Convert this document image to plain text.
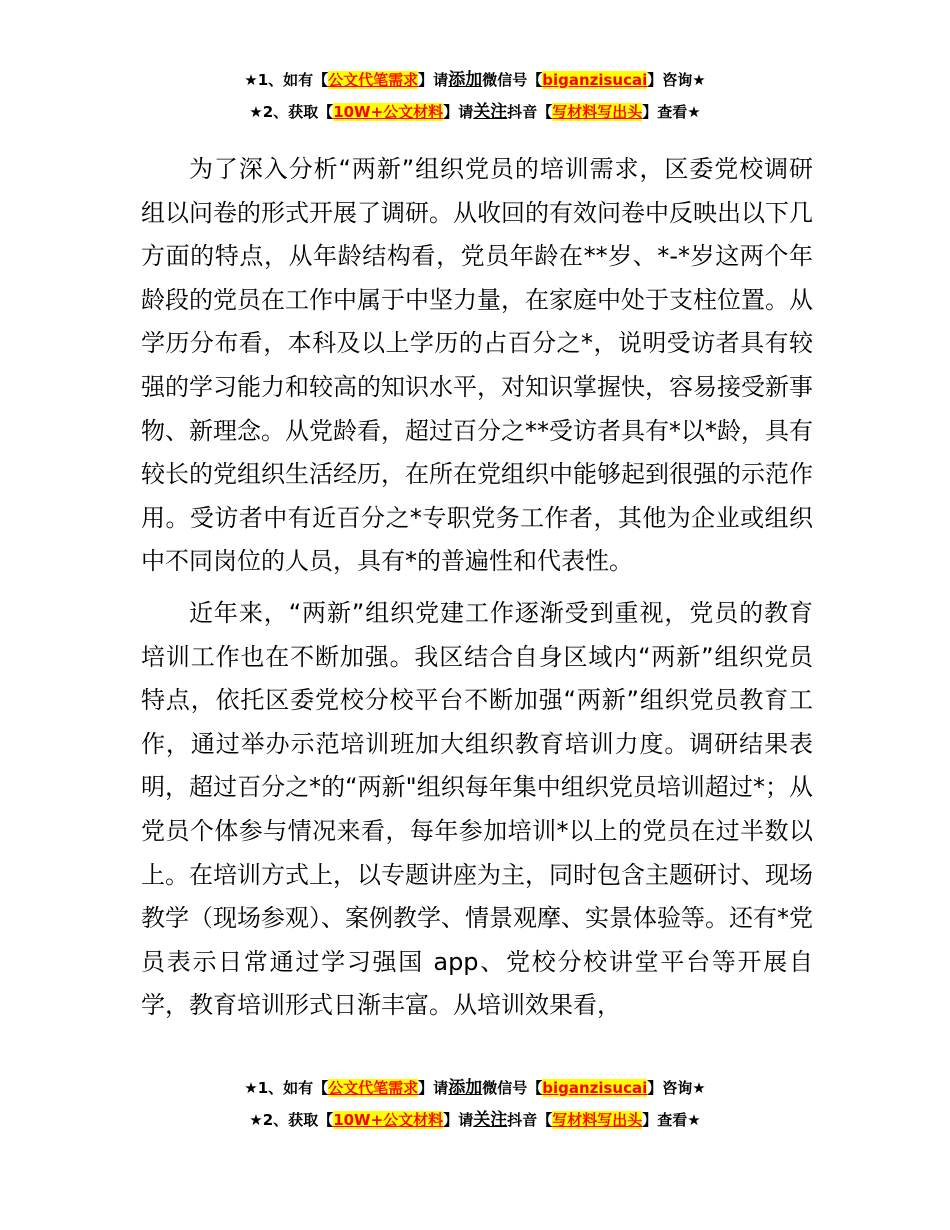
★1、如有【公文代笔需求】请添加微信号【biganzisucai】咨询★
★2、获取【10W+公文材料】请关注抖音【写材料写出头】查看★

为了深入分析“两新”组织党员的培训需求，区委党校调研组以问卷的形式开展了调研。从收回的有效问卷中反映出以下几方面的特点，从年龄结构看，党员年龄在**岁、*-*岁这两个年龄段的党员在工作中属于中坚力量，在家庭中处于支柱位置。从学历分布看，本科及以上学历的占百分之*，说明受访者具有较强的学习能力和较高的知识水平，对知识掌握快，容易接受新事物、新理念。从党龄看，超过百分之**受访者具有*以*龄，具有较长的党组织生活经历，在所在党组织中能够起到很强的示范作用。受访者中有近百分之*专职党务工作者，其他为企业或组织中不同岗位的人员，具有*的普遍性和代表性。

近年来，“两新”组织党建工作逐渐受到重视，党员的教育培训工作也在不断加强。我区结合自身区域内“两新”组织党员特点，依托区委党校分校平台不断加强“两新”组织党员教育工作，通过举办示范培训班加大组织教育培训力度。调研结果表明，超过百分之*的“两新"组织每年集中组织党员培训超过*；从党员个体参与情况来看，每年参加培训*以上的党员在过半数以上。在培训方式上，以专题讲座为主，同时包含主题研讨、现场教学（现场参观）、案例教学、情景观摩、实景体验等。还有*党员表示日常通过学习强国 app、党校分校讲堂平台等开展自学，教育培训形式日渐丰富。从培训效果看，

★1、如有【公文代笔需求】请添加微信号【biganzisucai】咨询★
★2、获取【10W+公文材料】请关注抖音【写材料写出头】查看★
